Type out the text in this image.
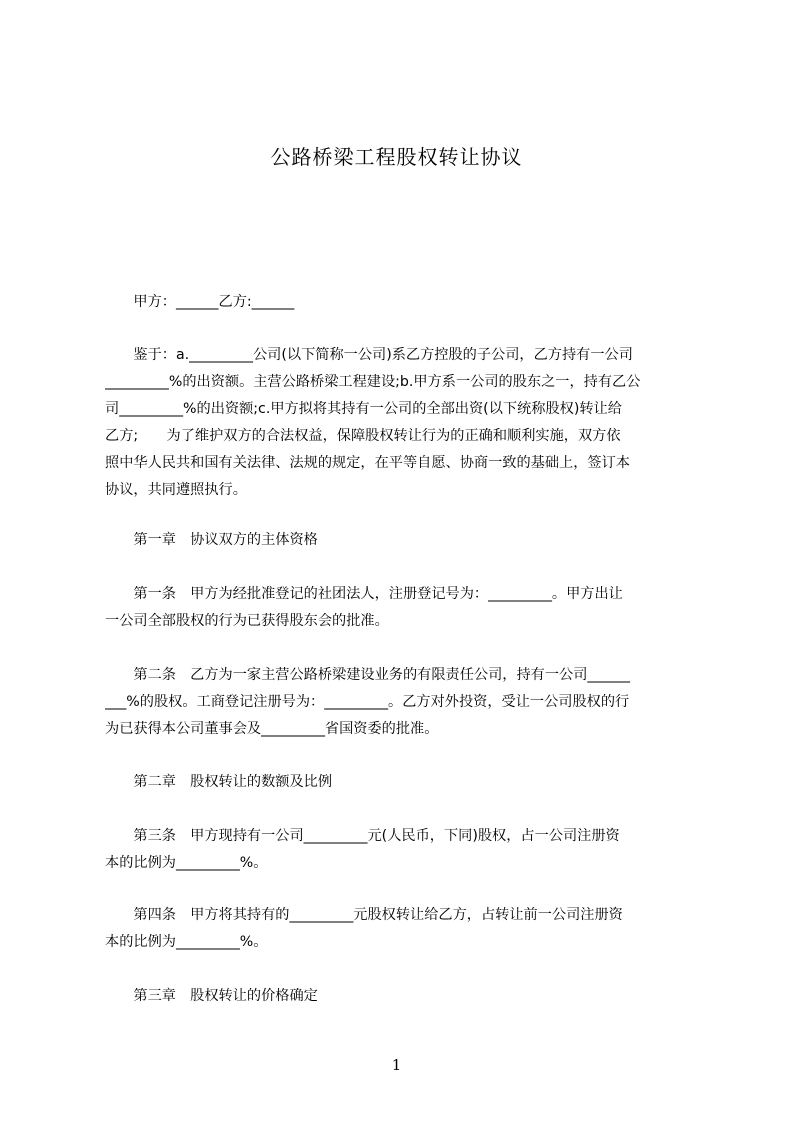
公路桥梁工程股权转让协议
　　甲方：______乙方:______
　　鉴于：a._________公司(以下简称一公司)系乙方控股的子公司，乙方持有一公司
_________%的出资额。主营公路桥梁工程建设;b.甲方系一公司的股东之一，持有乙公
司_________%的出资额;c.甲方拟将其持有一公司的全部出资(以下统称股权)转让给
乙方;　　为了维护双方的合法权益，保障股权转让行为的正确和顺利实施，双方依
照中华人民共和国有关法律、法规的规定，在平等自愿、协商一致的基础上，签订本
协议，共同遵照执行。
　　第一章　协议双方的主体资格
　　第一条　甲方为经批准登记的社团法人，注册登记号为：_________。甲方出让
一公司全部股权的行为已获得股东会的批准。
　　第二条　乙方为一家主营公路桥梁建设业务的有限责任公司，持有一公司______
___%的股权。工商登记注册号为：_________。乙方对外投资，受让一公司股权的行
为已获得本公司董事会及_________省国资委的批准。
　　第二章　股权转让的数额及比例
　　第三条　甲方现持有一公司_________元(人民币，下同)股权，占一公司注册资
本的比例为_________%。
　　第四条　甲方将其持有的_________元股权转让给乙方，占转让前一公司注册资
本的比例为_________%。
　　第三章　股权转让的价格确定
1
